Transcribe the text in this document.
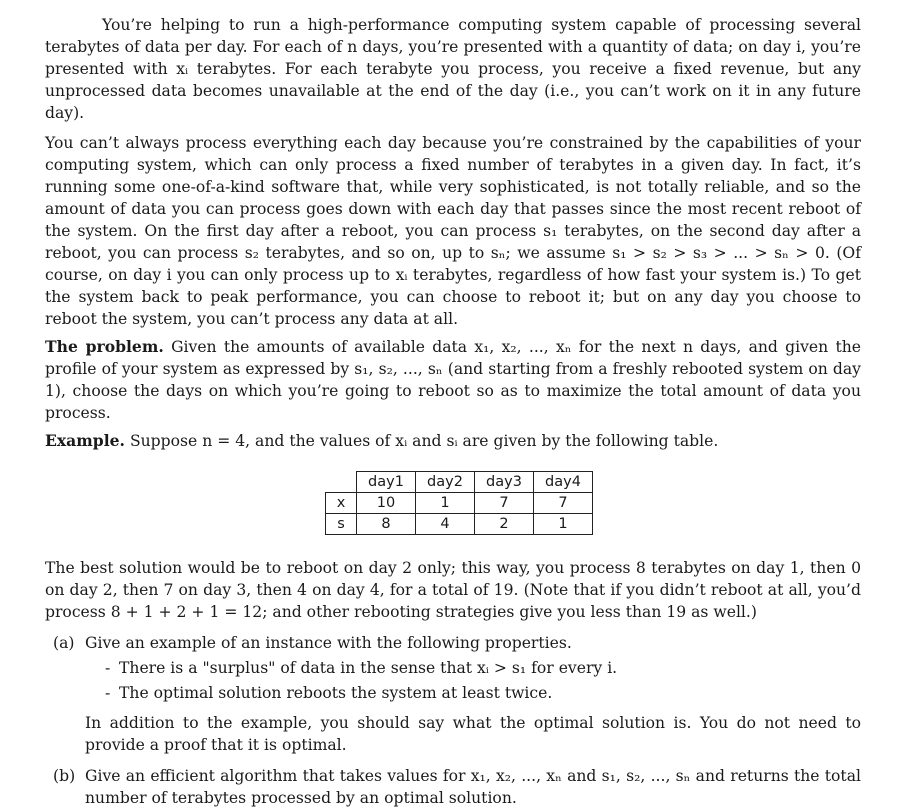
You’re helping to run a high-performance computing system capable of processing several terabytes of data per day. For each of n days, you’re presented with a quantity of data; on day i, you’re presented with xᵢ terabytes. For each terabyte you process, you receive a fixed revenue, but any unprocessed data becomes unavailable at the end of the day (i.e., you can’t work on it in any future day).

You can’t always process everything each day because you’re constrained by the capabilities of your computing system, which can only process a fixed number of terabytes in a given day. In fact, it’s running some one-of-a-kind software that, while very sophisticated, is not totally reliable, and so the amount of data you can process goes down with each day that passes since the most recent reboot of the system. On the first day after a reboot, you can process s₁ terabytes, on the second day after a reboot, you can process s₂ terabytes, and so on, up to sₙ; we assume s₁ > s₂ > s₃ > ... > sₙ > 0. (Of course, on day i you can only process up to xᵢ terabytes, regardless of how fast your system is.) To get the system back to peak performance, you can choose to reboot it; but on any day you choose to reboot the system, you can’t process any data at all.

The problem. Given the amounts of available data x₁, x₂, ..., xₙ for the next n days, and given the profile of your system as expressed by s₁, s₂, ..., sₙ (and starting from a freshly rebooted system on day 1), choose the days on which you’re going to reboot so as to maximize the total amount of data you process.

Example. Suppose n = 4, and the values of xᵢ and sᵢ are given by the following table.

	day1	day2	day3	day4
x	10	1	7	7
s	8	4	2	1

The best solution would be to reboot on day 2 only; this way, you process 8 terabytes on day 1, then 0 on day 2, then 7 on day 3, then 4 on day 4, for a total of 19. (Note that if you didn’t reboot at all, you’d process 8 + 1 + 2 + 1 = 12; and other rebooting strategies give you less than 19 as well.)

(a) Give an example of an instance with the following properties.
- There is a "surplus" of data in the sense that xᵢ > s₁ for every i.
- The optimal solution reboots the system at least twice.

In addition to the example, you should say what the optimal solution is. You do not need to provide a proof that it is optimal.

(b) Give an efficient algorithm that takes values for x₁, x₂, ..., xₙ and s₁, s₂, ..., sₙ and returns the total number of terabytes processed by an optimal solution.
